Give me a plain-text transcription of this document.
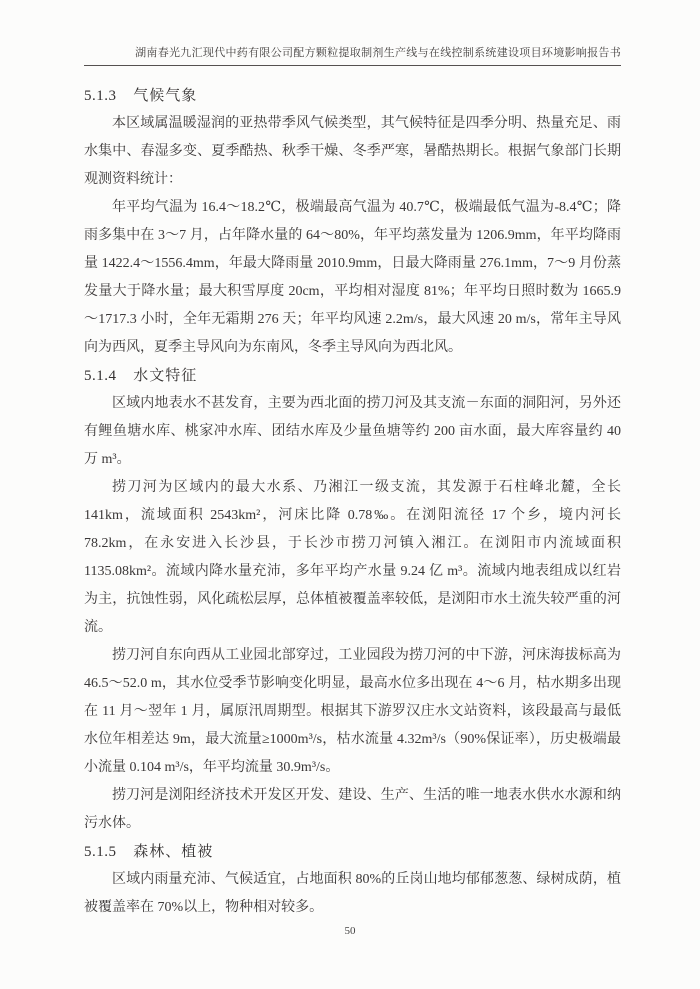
湖南春光九汇现代中药有限公司配方颗粒提取制剂生产线与在线控制系统建设项目环境影响报告书
5.1.3 气候气象

本区域属温暖湿润的亚热带季风气候类型，其气候特征是四季分明、热量充足、雨水集中、春湿多变、夏季酷热、秋季干燥、冬季严寒，暑酷热期长。根据气象部门长期观测资料统计：

年平均气温为 16.4～18.2℃，极端最高气温为 40.7℃，极端最低气温为-8.4℃；降雨多集中在 3～7 月，占年降水量的 64～80%，年平均蒸发量为 1206.9mm，年平均降雨量 1422.4～1556.4mm，年最大降雨量 2010.9mm，日最大降雨量 276.1mm，7～9 月份蒸发量大于降水量；最大积雪厚度 20cm，平均相对湿度 81%；年平均日照时数为 1665.9～1717.3 小时，全年无霜期 276 天；年平均风速 2.2m/s，最大风速 20 m/s，常年主导风向为西风，夏季主导风向为东南风，冬季主导风向为西北风。

5.1.4 水文特征

区域内地表水不甚发育，主要为西北面的捞刀河及其支流－东面的洞阳河，另外还有鲤鱼塘水库、桃家冲水库、团结水库及少量鱼塘等约 200 亩水面，最大库容量约 40 万 m³。

捞刀河为区域内的最大水系、乃湘江一级支流，其发源于石柱峰北麓，全长 141km，流域面积 2543km²，河床比降 0.78‰。在浏阳流径 17 个乡，境内河长 78.2km，在永安进入长沙县，于长沙市捞刀河镇入湘江。在浏阳市内流域面积 1135.08km²。流域内降水量充沛，多年平均产水量 9.24 亿 m³。流域内地表组成以红岩为主，抗蚀性弱，风化疏松层厚，总体植被覆盖率较低，是浏阳市水土流失较严重的河流。

捞刀河自东向西从工业园北部穿过，工业园段为捞刀河的中下游，河床海拔标高为 46.5～52.0 m，其水位受季节影响变化明显，最高水位多出现在 4～6 月，枯水期多出现在 11 月～翌年 1 月，属原汛周期型。根据其下游罗汉庄水文站资料，该段最高与最低水位年相差达 9m，最大流量≥1000m³/s，枯水流量 4.32m³/s（90%保证率），历史极端最小流量 0.104 m³/s，年平均流量 30.9m³/s。

捞刀河是浏阳经济技术开发区开发、建设、生产、生活的唯一地表水供水水源和纳污水体。

5.1.5 森林、植被

区域内雨量充沛、气候适宜，占地面积 80%的丘岗山地均郁郁葱葱、绿树成荫，植被覆盖率在 70%以上，物种相对较多。

50
